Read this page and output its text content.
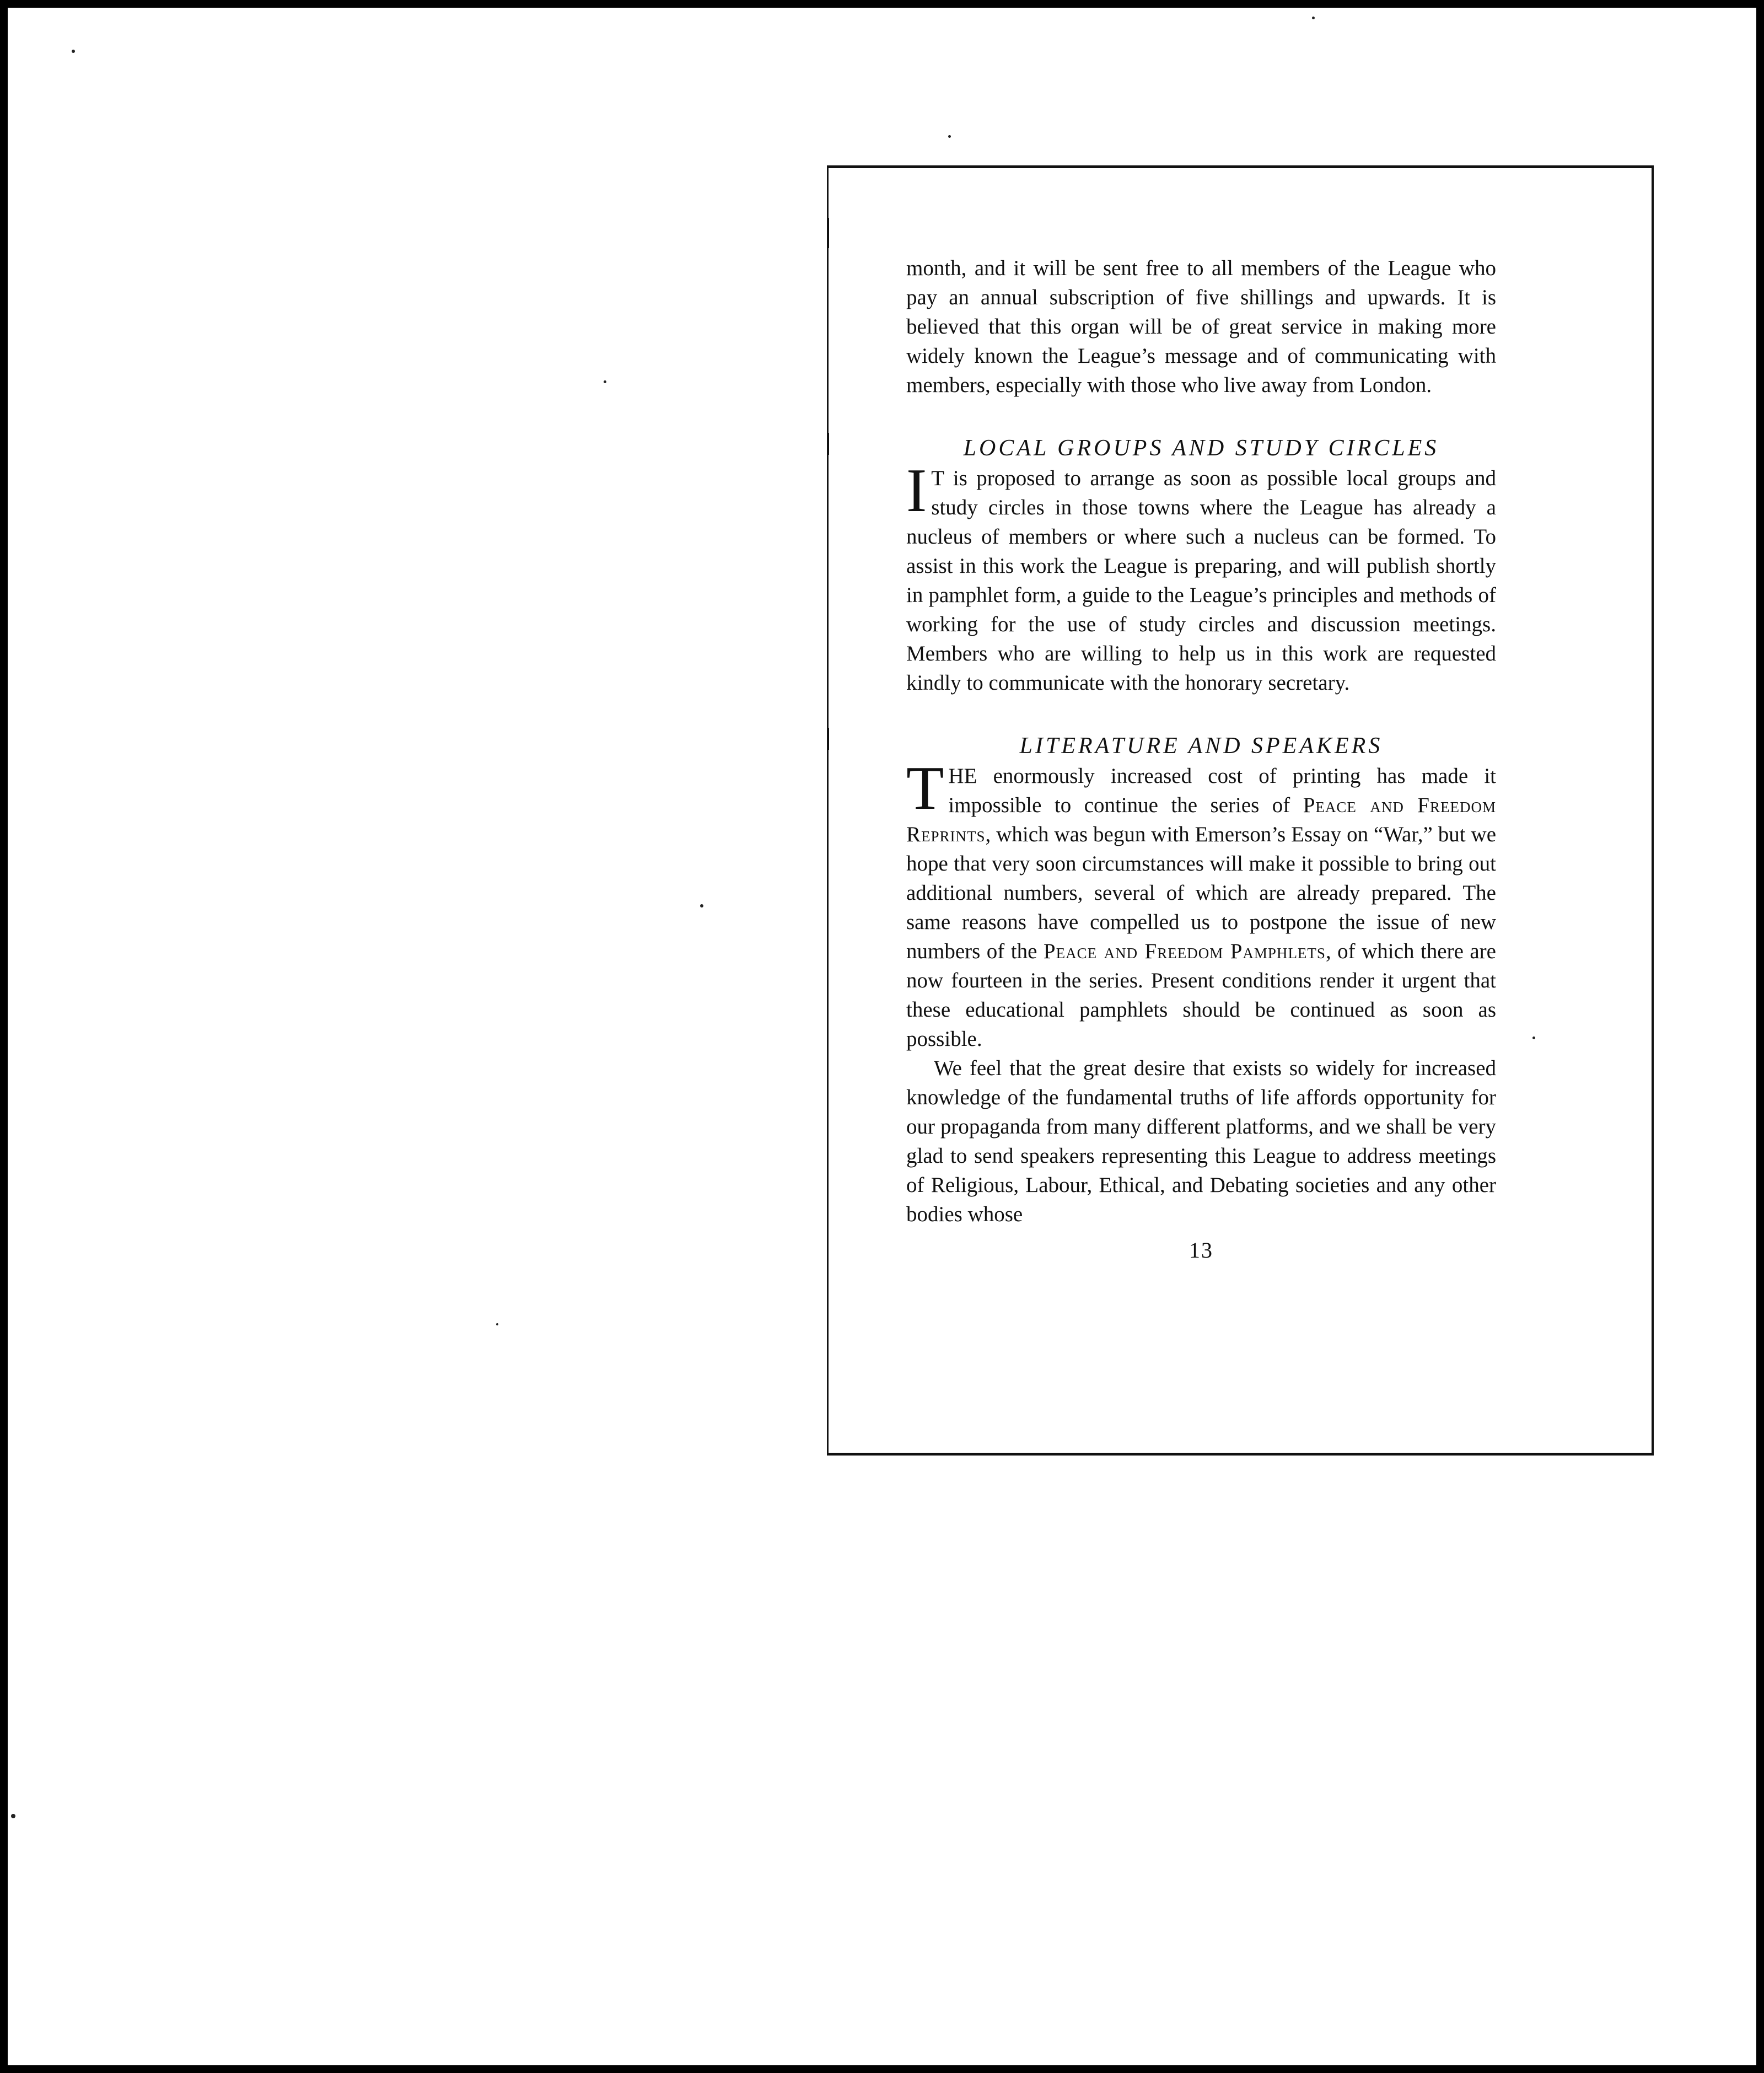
month, and it will be sent free to all members of the League who pay an annual subscription of five shillings and upwards. It is believed that this organ will be of great service in making more widely known the League’s message and of communicating with members, especially with those who live away from London.

LOCAL GROUPS AND STUDY CIRCLES

I T is proposed to arrange as soon as possible local groups and study circles in those towns where the League has already a nucleus of members or where such a nucleus can be formed. To assist in this work the League is preparing, and will publish shortly in pamphlet form, a guide to the League’s principles and methods of working for the use of study circles and discussion meetings. Members who are willing to help us in this work are requested kindly to communicate with the honorary secretary.

LITERATURE AND SPEAKERS

THE enormously increased cost of printing has made it impossible to continue the series of Peace and Freedom Reprints, which was begun with Emerson’s Essay on “War,” but we hope that very soon circumstances will make it possible to bring out additional numbers, several of which are already prepared. The same reasons have compelled us to postpone the issue of new numbers of the Peace and Freedom Pamphlets, of which there are now fourteen in the series. Present conditions render it urgent that these educational pamphlets should be continued as soon as possible.

We feel that the great desire that exists so widely for increased knowledge of the fundamental truths of life affords opportunity for our propaganda from many different platforms, and we shall be very glad to send speakers representing this League to address meetings of Religious, Labour, Ethical, and Debating societies and any other bodies whose

13
